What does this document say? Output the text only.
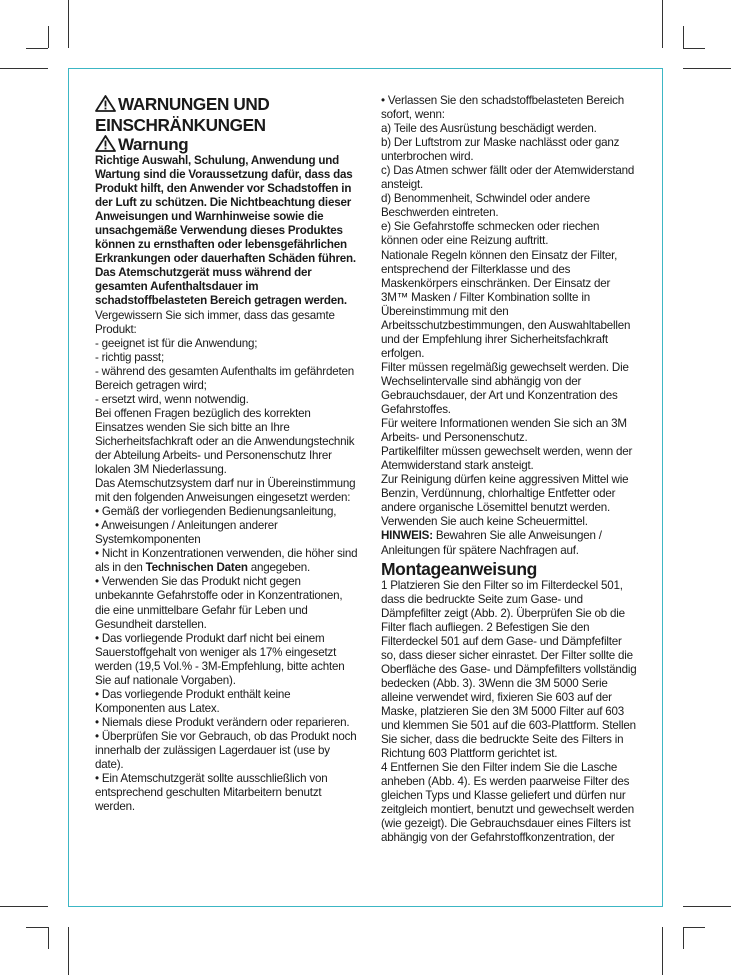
WARNUNGEN UND EINSCHRÄNKUNGEN
Warnung

Richtige Auswahl, Schulung, Anwendung und Wartung sind die Voraussetzung dafür, dass das Produkt hilft, den Anwender vor Schadstoffen in der Luft zu schützen. Die Nichtbeachtung dieser Anweisungen und Warnhinweise sowie die unsachgemäße Verwendung dieses Produktes können zu ernsthaften oder lebensgefährlichen Erkrankungen oder dauerhaften Schäden führen. Das Atemschutzgerät muss während der gesamten Aufenthaltsdauer im schadstoffbelasteten Bereich getragen werden.

Vergewissern Sie sich immer, dass das gesamte Produkt:

- geeignet ist für die Anwendung;

- richtig passt;

- während des gesamten Aufenthalts im gefährdeten Bereich getragen wird;

- ersetzt wird, wenn notwendig.

Bei offenen Fragen bezüglich des korrekten Einsatzes wenden Sie sich bitte an Ihre Sicherheitsfachkraft oder an die Anwendungstechnik der Abteilung Arbeits- und Personenschutz Ihrer lokalen 3M Niederlassung.

Das Atemschutzsystem darf nur in Übereinstimmung mit den folgenden Anweisungen eingesetzt werden:

• Gemäß der vorliegenden Bedienungsanleitung,

• Anweisungen / Anleitungen anderer Systemkomponenten

• Nicht in Konzentrationen verwenden, die höher sind als in den Technischen Daten angegeben.

• Verwenden Sie das Produkt nicht gegen unbekannte Gefahrstoffe oder in Konzentrationen, die eine unmittelbare Gefahr für Leben und Gesundheit darstellen.

• Das vorliegende Produkt darf nicht bei einem Sauerstoffgehalt von weniger als 17% eingesetzt werden (19,5 Vol.% - 3M-Empfehlung, bitte achten Sie auf nationale Vorgaben).

• Das vorliegende Produkt enthält keine Komponenten aus Latex.

• Niemals diese Produkt verändern oder reparieren.

• Überprüfen Sie vor Gebrauch, ob das Produkt noch innerhalb der zulässigen Lagerdauer ist (use by date).

• Ein Atemschutzgerät sollte ausschließlich von entsprechend geschulten Mitarbeitern benutzt werden.

• Verlassen Sie den schadstoffbelasteten Bereich sofort, wenn:

a) Teile des Ausrüstung beschädigt werden.

b) Der Luftstrom zur Maske nachlässt oder ganz unterbrochen wird.

c) Das Atmen schwer fällt oder der Atemwiderstand ansteigt.

d) Benommenheit, Schwindel oder andere Beschwerden eintreten.

e) Sie Gefahrstoffe schmecken oder riechen können oder eine Reizung auftritt.

Nationale Regeln können den Einsatz der Filter, entsprechend der Filterklasse und des Maskenkörpers einschränken. Der Einsatz der 3M™ Masken / Filter Kombination sollte in Übereinstimmung mit den Arbeitsschutzbestimmungen, den Auswahltabellen und der Empfehlung ihrer Sicherheitsfachkraft erfolgen.

Filter müssen regelmäßig gewechselt werden. Die Wechselintervalle sind abhängig von der Gebrauchsdauer, der Art und Konzentration des Gefahrstoffes.

Für weitere Informationen wenden Sie sich an 3M Arbeits- und Personenschutz.

Partikelfilter müssen gewechselt werden, wenn der Atemwiderstand stark ansteigt.

Zur Reinigung dürfen keine aggressiven Mittel wie Benzin, Verdünnung, chlorhaltige Entfetter oder andere organische Lösemittel benutzt werden. Verwenden Sie auch keine Scheuermittel.

HINWEIS: Bewahren Sie alle Anweisungen / Anleitungen für spätere Nachfragen auf.

Montageanweisung

1 Platzieren Sie den Filter so im Filterdeckel 501, dass die bedruckte Seite zum Gase- und Dämpfefilter zeigt (Abb. 2). Überprüfen Sie ob die Filter flach aufliegen. 2 Befestigen Sie den Filterdeckel 501 auf dem Gase- und Dämpfefilter so, dass dieser sicher einrastet. Der Filter sollte die Oberfläche des Gase- und Dämpfefilters vollständig bedecken (Abb. 3). 3Wenn die 3M 5000 Serie alleine verwendet wird, fixieren Sie 603 auf der Maske, platzieren Sie den 3M 5000 Filter auf 603 und klemmen Sie 501 auf die 603-Plattform. Stellen Sie sicher, dass die bedruckte Seite des Filters in Richtung 603 Plattform gerichtet ist.

4 Entfernen Sie den Filter indem Sie die Lasche anheben (Abb. 4). Es werden paarweise Filter des gleichen Typs und Klasse geliefert und dürfen nur zeitgleich montiert, benutzt und gewechselt werden (wie gezeigt). Die Gebrauchsdauer eines Filters ist abhängig von der Gefahrstoffkonzentration, der
